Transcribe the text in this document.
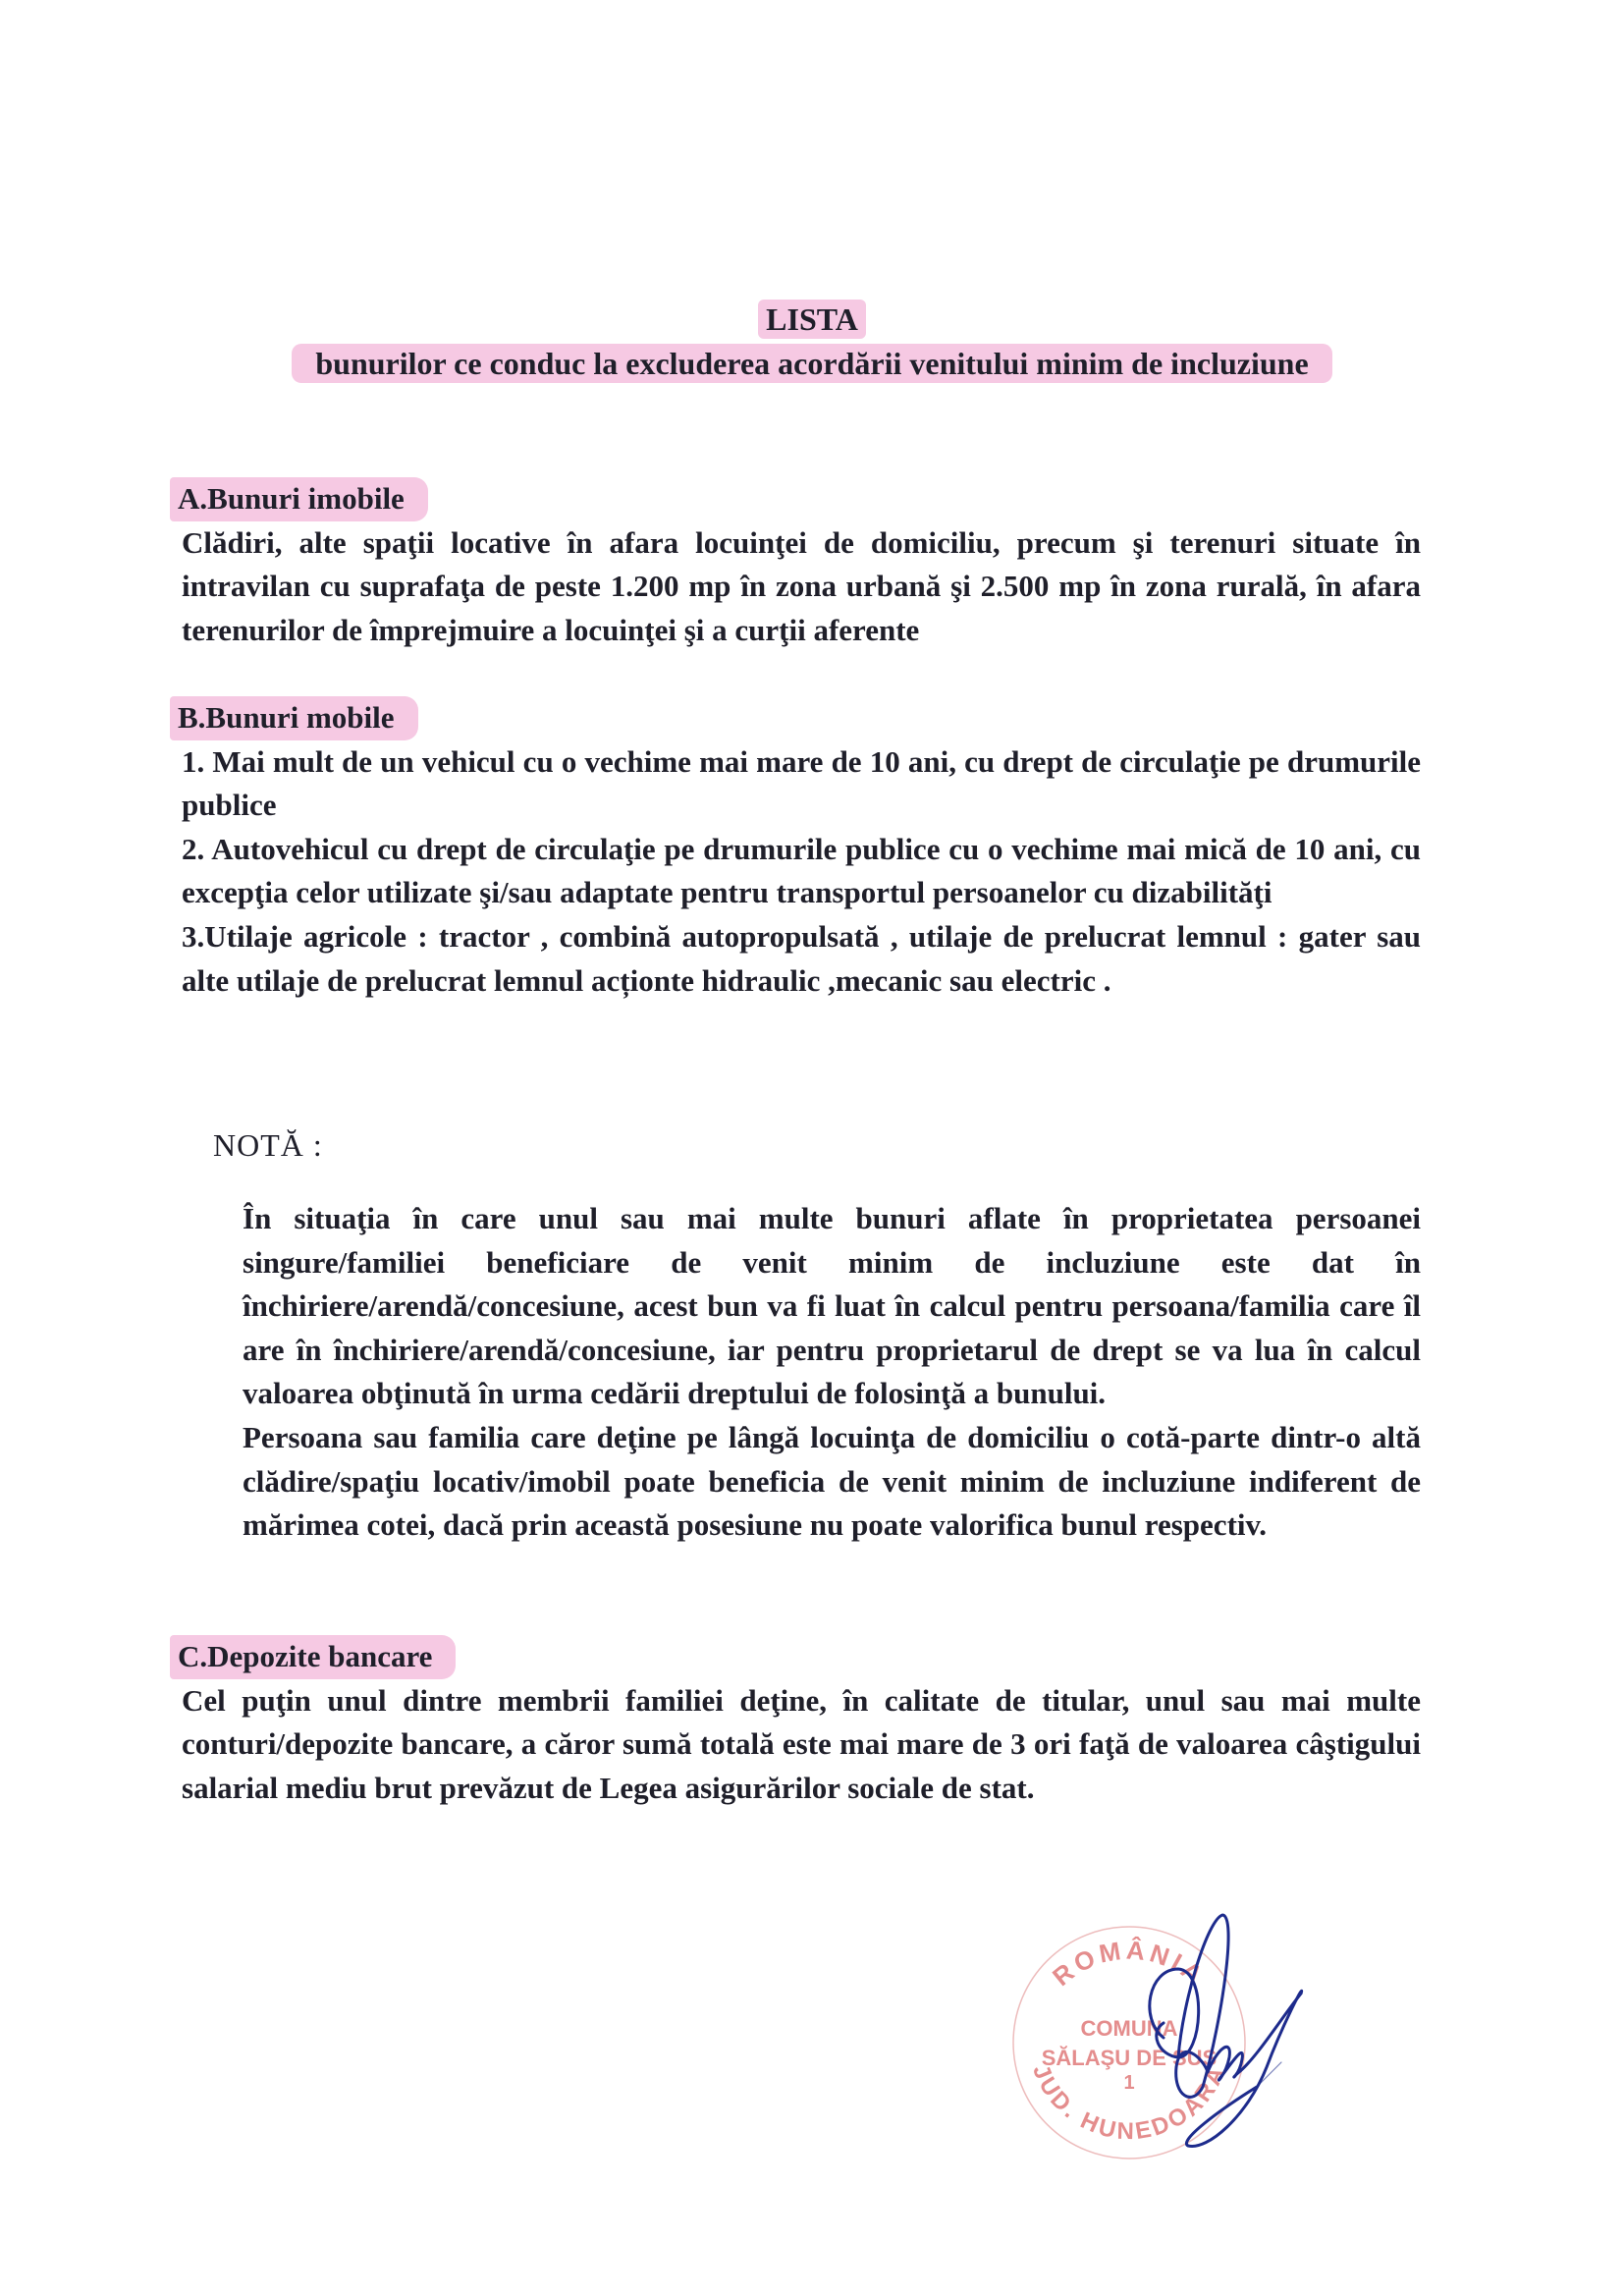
LISTA
bunurilor ce conduc la excluderea acordării venitului minim de incluziune
A.Bunuri imobile

Clădiri, alte spaţii locative în afara locuinţei de domiciliu, precum şi terenuri situate în intravilan cu suprafaţa de peste 1.200 mp în zona urbană şi 2.500 mp în zona rurală, în afara terenurilor de împrejmuire a locuinţei şi a curţii aferente

B.Bunuri mobile

1. Mai mult de un vehicul cu o vechime mai mare de 10 ani, cu drept de circulaţie pe drumurile publice

2. Autovehicul cu drept de circulaţie pe drumurile publice cu o vechime mai mică de 10 ani, cu excepţia celor utilizate şi/sau adaptate pentru transportul persoanelor cu dizabilităţi

3.Utilaje agricole : tractor , combină autopropulsată , utilaje de prelucrat lemnul : gater sau alte utilaje de prelucrat lemnul acționte hidraulic ,mecanic sau electric .

NOTĂ :

În situaţia în care unul sau mai multe bunuri aflate în proprietatea persoanei singure/familiei beneficiare de venit minim de incluziune este dat în închiriere/arendă/concesiune, acest bun va fi luat în calcul pentru persoana/familia care îl are în închiriere/arendă/concesiune, iar pentru proprietarul de drept se va lua în calcul valoarea obţinută în urma cedării dreptului de folosinţă a bunului.

Persoana sau familia care deţine pe lângă locuinţa de domiciliu o cotă-parte dintr-o altă clădire/spaţiu locativ/imobil poate beneficia de venit minim de incluziune indiferent de mărimea cotei, dacă prin această posesiune nu poate valorifica bunul respectiv.

C.Depozite bancare

Cel puţin unul dintre membrii familiei deţine, în calitate de titular, unul sau mai multe conturi/depozite bancare, a căror sumă totală este mai mare de 3 ori faţă de valoarea câştigului salarial mediu brut prevăzut de Legea asigurărilor sociale de stat.

ROMÂNIA
COMUNA
SĂLAŞU DE SUS
1
JUD. HUNEDOARA
